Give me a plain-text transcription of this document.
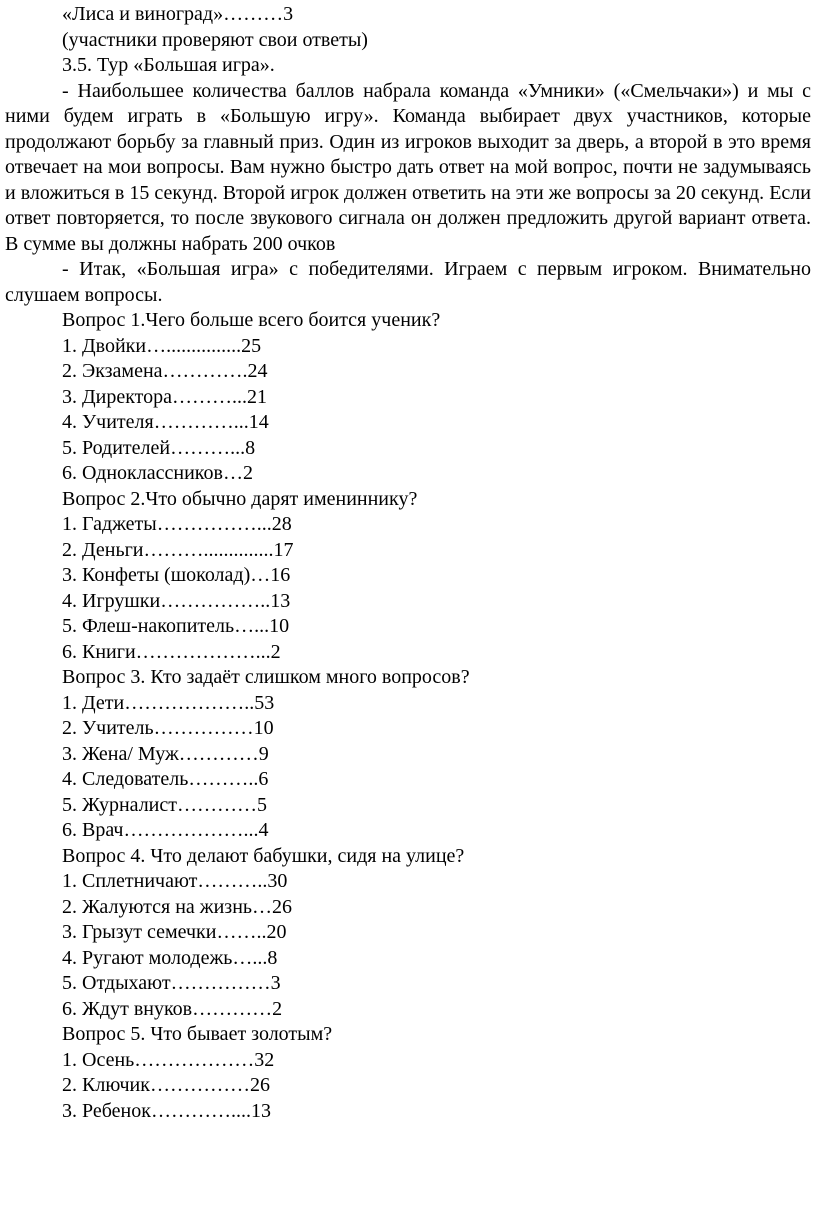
«Лиса и виноград»………3
(участники проверяют свои ответы)
3.5. Тур «Большая игра».

- Наибольшее количества баллов набрала команда «Умники» («Смельчаки») и мы с ними будем играть в «Большую игру». Команда выбирает двух участников, которые продолжают борьбу за главный приз. Один из игроков выходит за дверь, а второй в это время отвечает на мои вопросы. Вам нужно быстро дать ответ на мой вопрос, почти не задумываясь и вложиться в 15 секунд. Второй игрок должен ответить на эти же вопросы за 20 секунд. Если ответ повторяется, то после звукового сигнала он должен предложить другой вариант ответа. В сумме вы должны набрать 200 очков

- Итак, «Большая игра» с победителями. Играем с первым игроком. Внимательно слушаем вопросы.

Вопрос 1.Чего больше всего боится ученик?
1. Двойки…...............25
2. Экзамена………….24
3. Директора………...21
4. Учителя…………...14
5. Родителей………...8
6. Одноклассников…2
Вопрос 2.Что обычно дарят имениннику?
1. Гаджеты……………...28
2. Деньги………..............17
3. Конфеты (шоколад)…16
4. Игрушки……………..13
5. Флеш-накопитель…...10
6. Книги………………...2
Вопрос 3. Кто задаёт слишком много вопросов?
1. Дети………………..53
2. Учитель……………10
3. Жена/ Муж…………9
4. Следователь………..6
5. Журналист…………5
6. Врач………………...4
Вопрос 4. Что делают бабушки, сидя на улице?
1. Сплетничают………..30
2. Жалуются на жизнь…26
3. Грызут семечки……..20
4. Ругают молодежь…...8
5. Отдыхают……………3
6. Ждут внуков…………2
Вопрос 5. Что бывает золотым?
1. Осень………………32
2. Ключик……………26
3. Ребенок…………....13
